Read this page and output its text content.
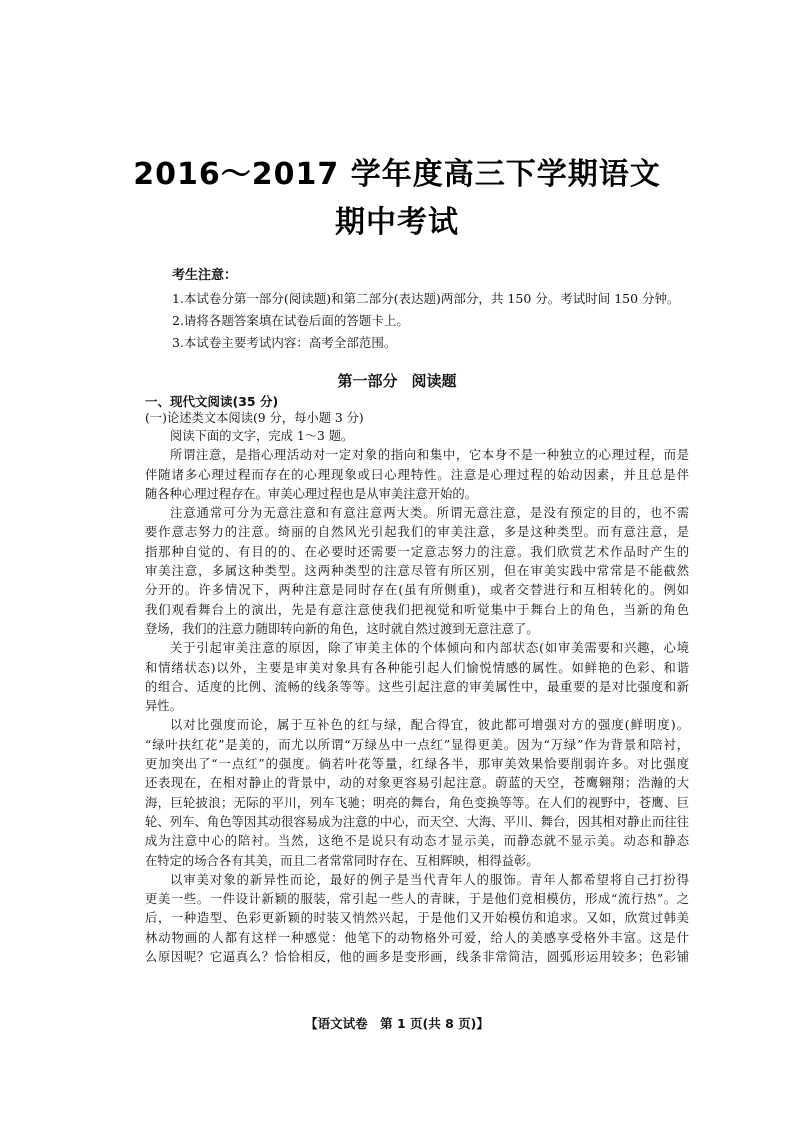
2016～2017 学年度高三下学期语文
期中考试
考生注意：
1.本试卷分第一部分(阅读题)和第二部分(表达题)两部分，共 150 分。考试时间 150 分钟。
2.请将各题答案填在试卷后面的答题卡上。
3.本试卷主要考试内容：高考全部范围。
第一部分 阅读题
一、现代文阅读(35 分)
(一)论述类文本阅读(9 分，每小题 3 分)
阅读下面的文字，完成 1～3 题。
所谓注意，是指心理活动对一定对象的指向和集中，它本身不是一种独立的心理过程，而是
伴随诸多心理过程而存在的心理现象或曰心理特性。注意是心理过程的始动因素，并且总是伴
随各种心理过程存在。审美心理过程也是从审美注意开始的。
注意通常可分为无意注意和有意注意两大类。所谓无意注意，是没有预定的目的，也不需
要作意志努力的注意。绮丽的自然风光引起我们的审美注意，多是这种类型。而有意注意，是
指那种自觉的、有目的的、在必要时还需要一定意志努力的注意。我们欣赏艺术作品时产生的
审美注意，多属这种类型。这两种类型的注意尽管有所区别，但在审美实践中常常是不能截然
分开的。许多情况下，两种注意是同时存在(虽有所侧重)，或者交替进行和互相转化的。例如
我们观看舞台上的演出，先是有意注意使我们把视觉和听觉集中于舞台上的角色，当新的角色
登场，我们的注意力随即转向新的角色，这时就自然过渡到无意注意了。
关于引起审美注意的原因，除了审美主体的个体倾向和内部状态(如审美需要和兴趣，心境
和情绪状态)以外，主要是审美对象具有各种能引起人们愉悦情感的属性。如鲜艳的色彩、和谐
的组合、适度的比例、流畅的线条等等。这些引起注意的审美属性中，最重要的是对比强度和新
异性。
以对比强度而论，属于互补色的红与绿，配合得宜，彼此都可增强对方的强度(鲜明度)。
“绿叶扶红花”是美的，而尤以所谓“万绿丛中一点红”显得更美。因为“万绿”作为背景和陪衬，
更加突出了“一点红”的强度。倘若叶花等量，红绿各半，那审美效果恰要削弱许多。对比强度
还表现在，在相对静止的背景中，动的对象更容易引起注意。蔚蓝的天空，苍鹰翱翔；浩瀚的大
海，巨轮披浪；无际的平川，列车飞驰；明亮的舞台，角色变换等等。在人们的视野中，苍鹰、巨
轮、列车、角色等因其动很容易成为注意的中心，而天空、大海、平川、舞台，因其相对静止而往往
成为注意中心的陪衬。当然，这绝不是说只有动态才显示美，而静态就不显示美。动态和静态
在特定的场合各有其美，而且二者常常同时存在、互相辉映，相得益彰。
以审美对象的新异性而论，最好的例子是当代青年人的服饰。青年人都希望将自己打扮得
更美一些。一件设计新颖的服装，常引起一些人的青睐，于是他们竞相模仿，形成“流行热”。之
后，一种造型、色彩更新颖的时装又悄然兴起，于是他们又开始模仿和追求。又如，欣赏过韩美
林动物画的人都有这样一种感觉：他笔下的动物格外可爱，给人的美感享受格外丰富。这是什
么原因呢？它逼真么？恰恰相反，他的画多是变形画，线条非常简洁，圆弧形运用较多；色彩铺
【语文试卷　第 1 页(共 8 页)】
